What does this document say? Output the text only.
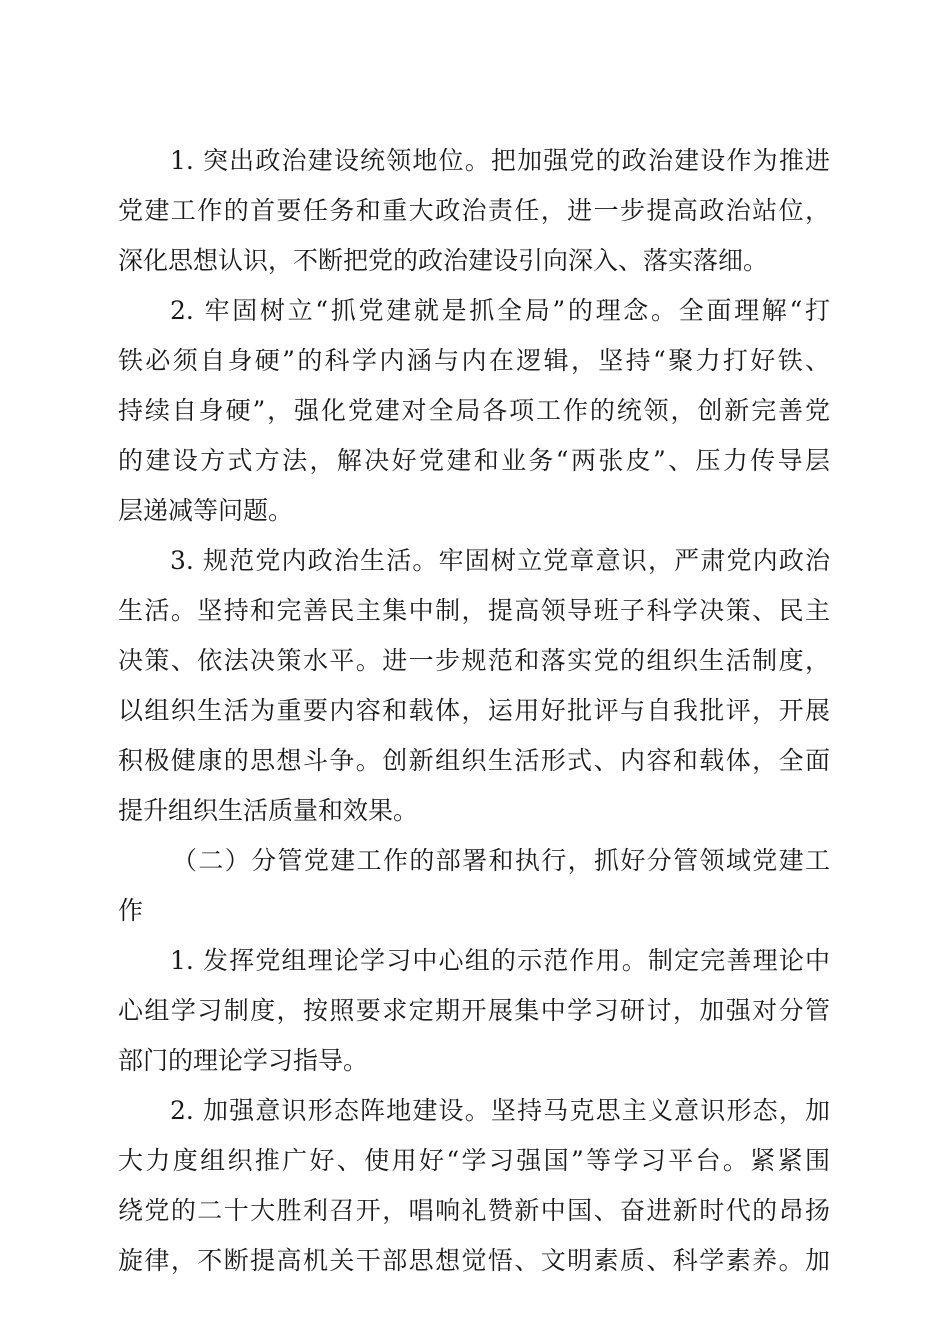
1. 突出政治建设统领地位。把加强党的政治建设作为推进
党建工作的首要任务和重大政治责任，进一步提高政治站位，
深化思想认识，不断把党的政治建设引向深入、落实落细。
2. 牢固树立“抓党建就是抓全局”的理念。全面理解“打
铁必须自身硬”的科学内涵与内在逻辑，坚持“聚力打好铁、
持续自身硬”，强化党建对全局各项工作的统领，创新完善党
的建设方式方法，解决好党建和业务“两张皮”、压力传导层
层递减等问题。
3. 规范党内政治生活。牢固树立党章意识，严肃党内政治
生活。坚持和完善民主集中制，提高领导班子科学决策、民主
决策、依法决策水平。进一步规范和落实党的组织生活制度，
以组织生活为重要内容和载体，运用好批评与自我批评，开展
积极健康的思想斗争。创新组织生活形式、内容和载体，全面
提升组织生活质量和效果。
（二）分管党建工作的部署和执行，抓好分管领域党建工
作
1. 发挥党组理论学习中心组的示范作用。制定完善理论中
心组学习制度，按照要求定期开展集中学习研讨，加强对分管
部门的理论学习指导。
2. 加强意识形态阵地建设。坚持马克思主义意识形态，加
大力度组织推广好、使用好“学习强国”等学习平台。紧紧围
绕党的二十大胜利召开，唱响礼赞新中国、奋进新时代的昂扬
旋律，不断提高机关干部思想觉悟、文明素质、科学素养。加
